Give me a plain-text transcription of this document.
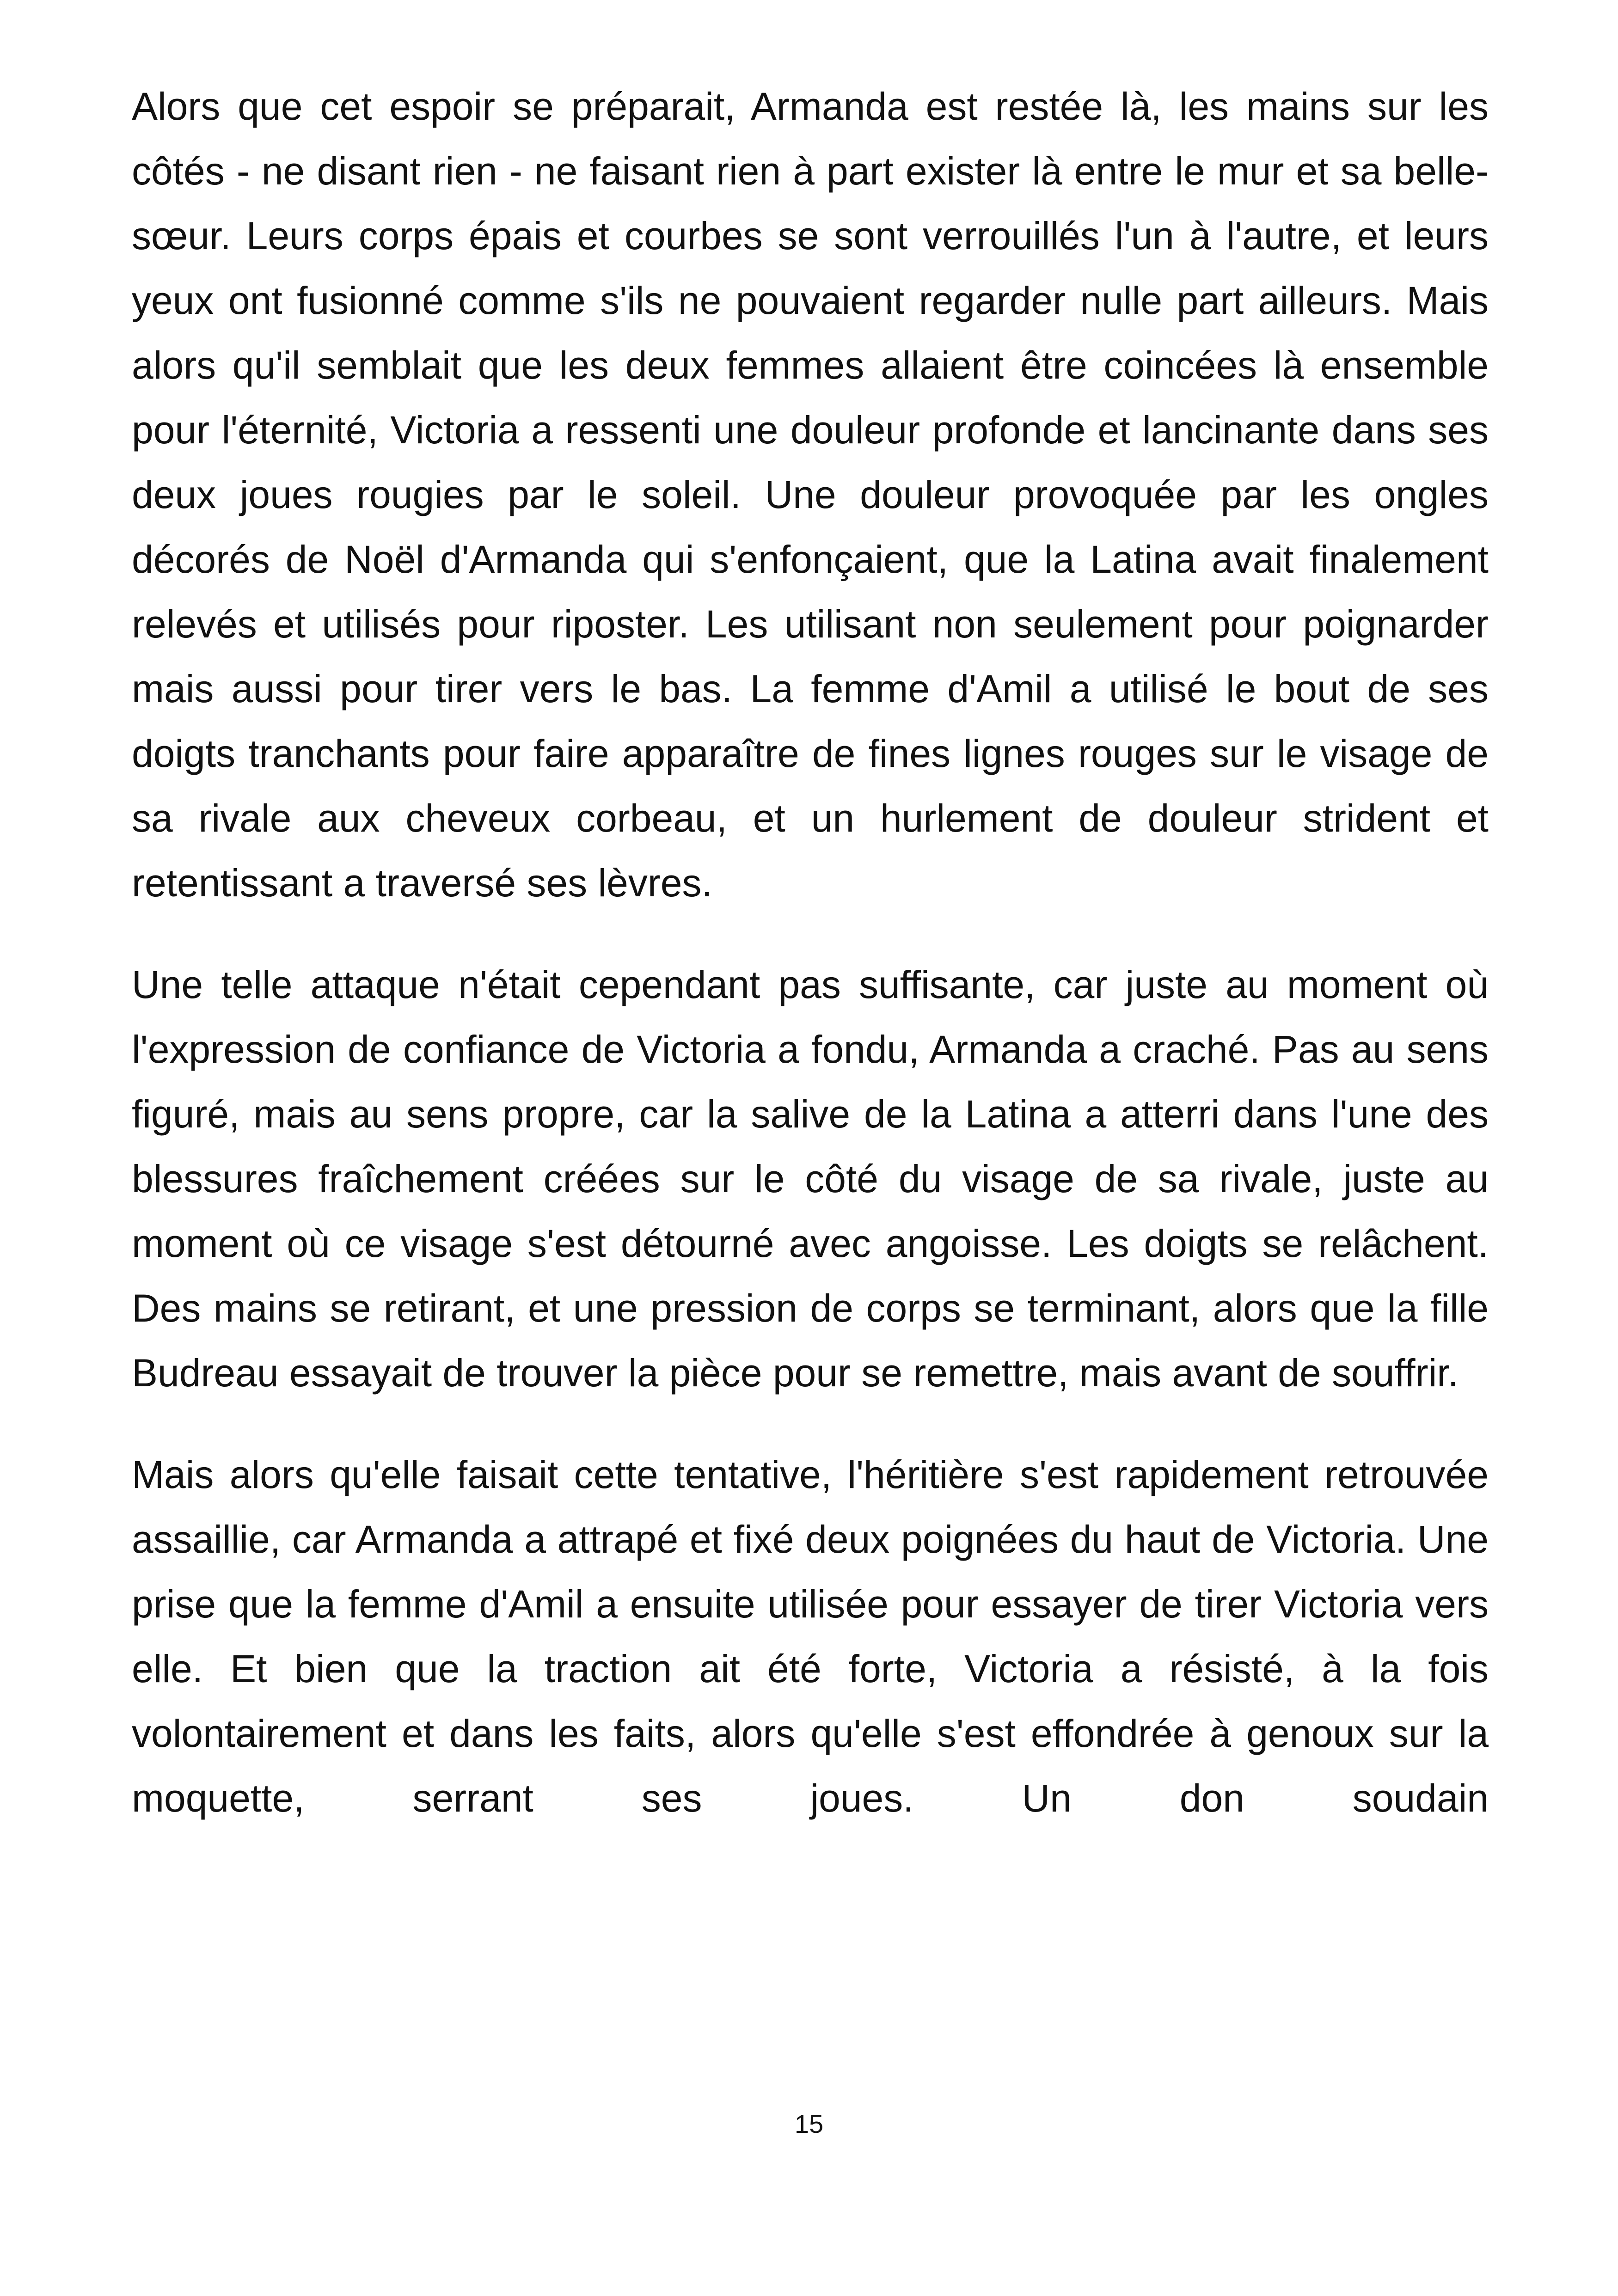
Alors que cet espoir se préparait, Armanda est restée là, les mains sur les côtés - ne disant rien - ne faisant rien à part exister là entre le mur et sa belle-sœur. Leurs corps épais et courbes se sont verrouillés l'un à l'autre, et leurs yeux ont fusionné comme s'ils ne pouvaient regarder nulle part ailleurs. Mais alors qu'il semblait que les deux femmes allaient être coincées là ensemble pour l'éternité, Victoria a ressenti une douleur profonde et lancinante dans ses deux joues rougies par le soleil. Une douleur provoquée par les ongles décorés de Noël d'Armanda qui s'enfonçaient, que la Latina avait finalement relevés et utilisés pour riposter. Les utilisant non seulement pour poignarder mais aussi pour tirer vers le bas. La femme d'Amil a utilisé le bout de ses doigts tranchants pour faire apparaître de fines lignes rouges sur le visage de sa rivale aux cheveux corbeau, et un hurlement de douleur strident et retentissant a traversé ses lèvres.

Une telle attaque n'était cependant pas suffisante, car juste au moment où l'expression de confiance de Victoria a fondu, Armanda a craché. Pas au sens figuré, mais au sens propre, car la salive de la Latina a atterri dans l'une des blessures fraîchement créées sur le côté du visage de sa rivale, juste au moment où ce visage s'est détourné avec angoisse. Les doigts se relâchent. Des mains se retirant, et une pression de corps se terminant, alors que la fille Budreau essayait de trouver la pièce pour se remettre, mais avant de souffrir.

Mais alors qu'elle faisait cette tentative, l'héritière s'est rapidement retrouvée assaillie, car Armanda a attrapé et fixé deux poignées du haut de Victoria. Une prise que la femme d'Amil a ensuite utilisée pour essayer de tirer Victoria vers elle. Et bien que la traction ait été forte, Victoria a résisté, à la fois volontairement et dans les faits, alors qu'elle s'est effondrée à genoux sur la moquette, serrant ses joues. Un don soudain

15
